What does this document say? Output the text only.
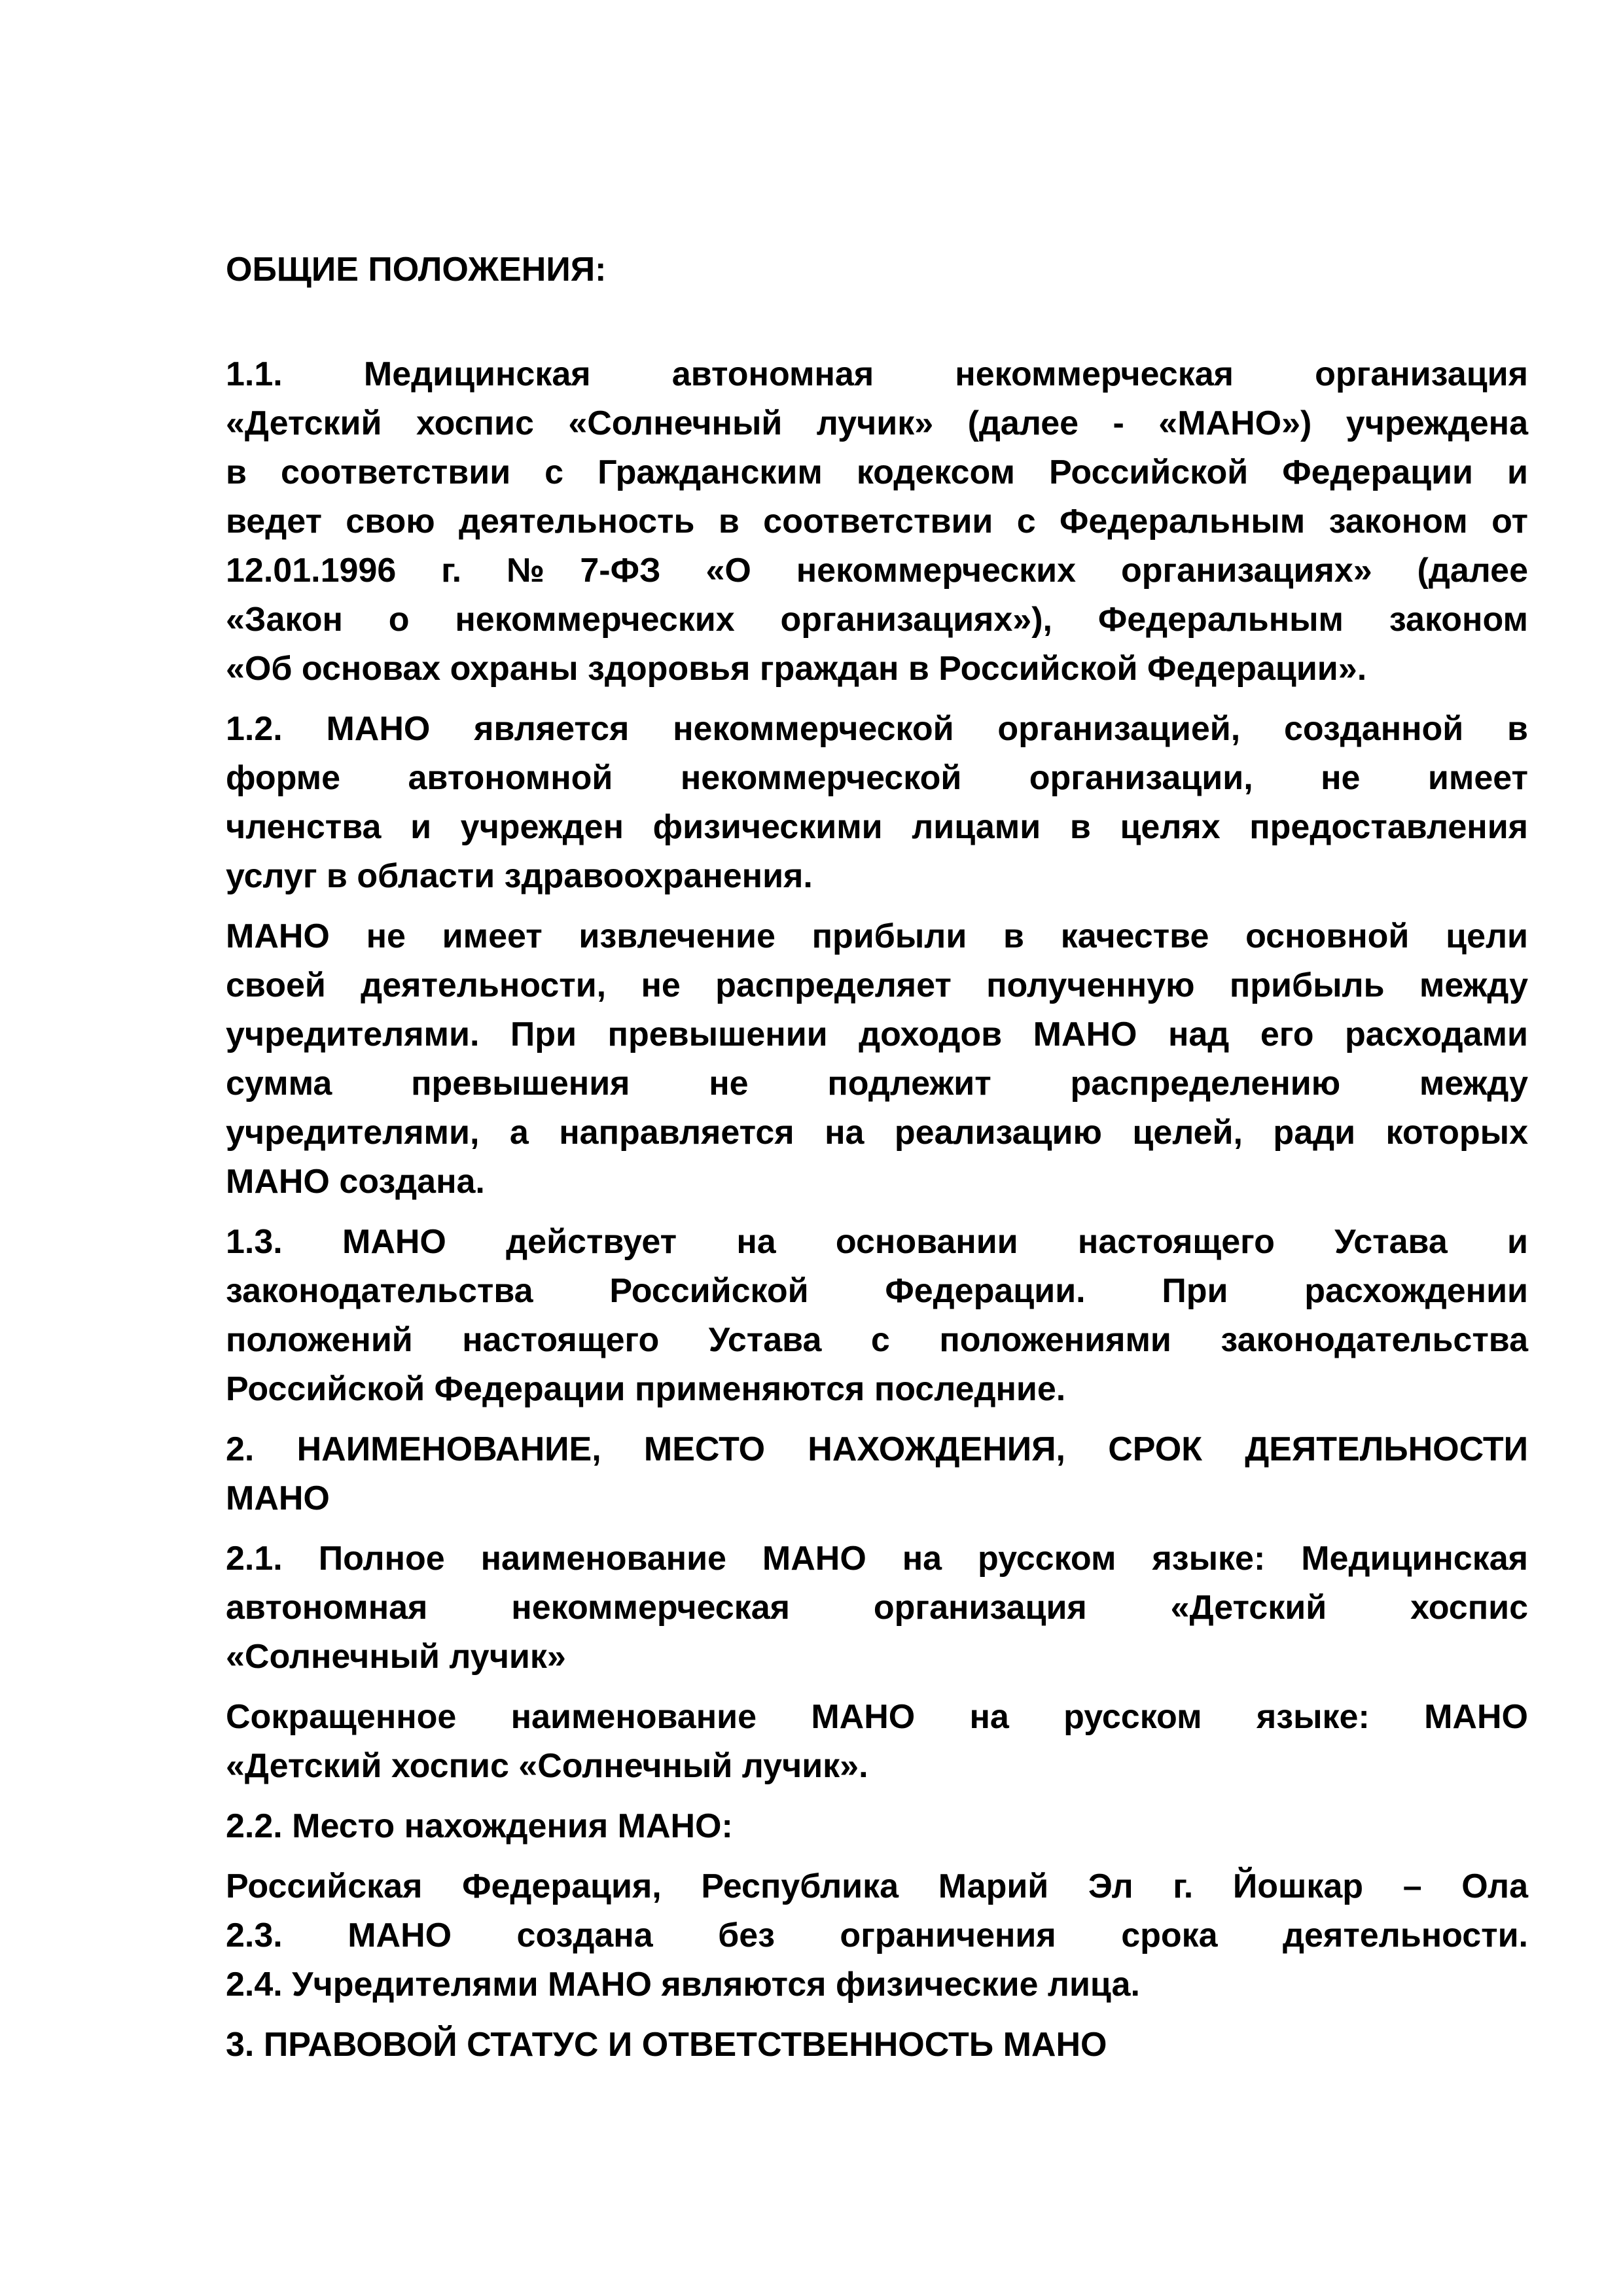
ОБЩИЕ ПОЛОЖЕНИЯ:
1.1. Медицинская автономная некоммерческая организация
«Детский хоспис «Солнечный лучик» (далее - «МАНО») учреждена
в соответствии с Гражданским кодексом Российской Федерации и
ведет свою деятельность в соответствии с Федеральным законом от
12.01.1996 г. №7-ФЗ «О некоммерческих организациях» (далее
«Закон о некоммерческих организациях»), Федеральным законом
«Об основах охраны здоровья граждан в Российской Федерации».
1.2. МАНО является некоммерческой организацией, созданной в
форме автономной некоммерческой организации, не имеет
членства и учрежден физическими лицами в целях предоставления
услуг в области здравоохранения.
МАНО не имеет извлечение прибыли в качестве основной цели
своей деятельности, не распределяет полученную прибыль между
учредителями. При превышении доходов МАНО над его расходами
сумма превышения не подлежит распределению между
учредителями, а направляется на реализацию целей, ради которых
МАНО создана.
1.3. МАНО действует на основании настоящего Устава и
законодательства Российской Федерации. При расхождении
положений настоящего Устава с положениями законодательства
Российской Федерации применяются последние.
2. НАИМЕНОВАНИЕ, МЕСТО НАХОЖДЕНИЯ, СРОК ДЕЯТЕЛЬНОСТИ
МАНО
2.1. Полное наименование МАНО на русском языке: Медицинская
автономная некоммерческая организация «Детский хоспис
«Солнечный лучик»
Сокращенное наименование МАНО на русском языке: МАНО
«Детский хоспис «Солнечный лучик».
2.2. Место нахождения МАНО:
Российская Федерация, Республика Марий Эл г. Йошкар – Ола
2.3. МАНО создана без ограничения срока деятельности.
2.4. Учредителями МАНО являются физические лица.
3. ПРАВОВОЙ СТАТУС И ОТВЕТСТВЕННОСТЬ МАНО
